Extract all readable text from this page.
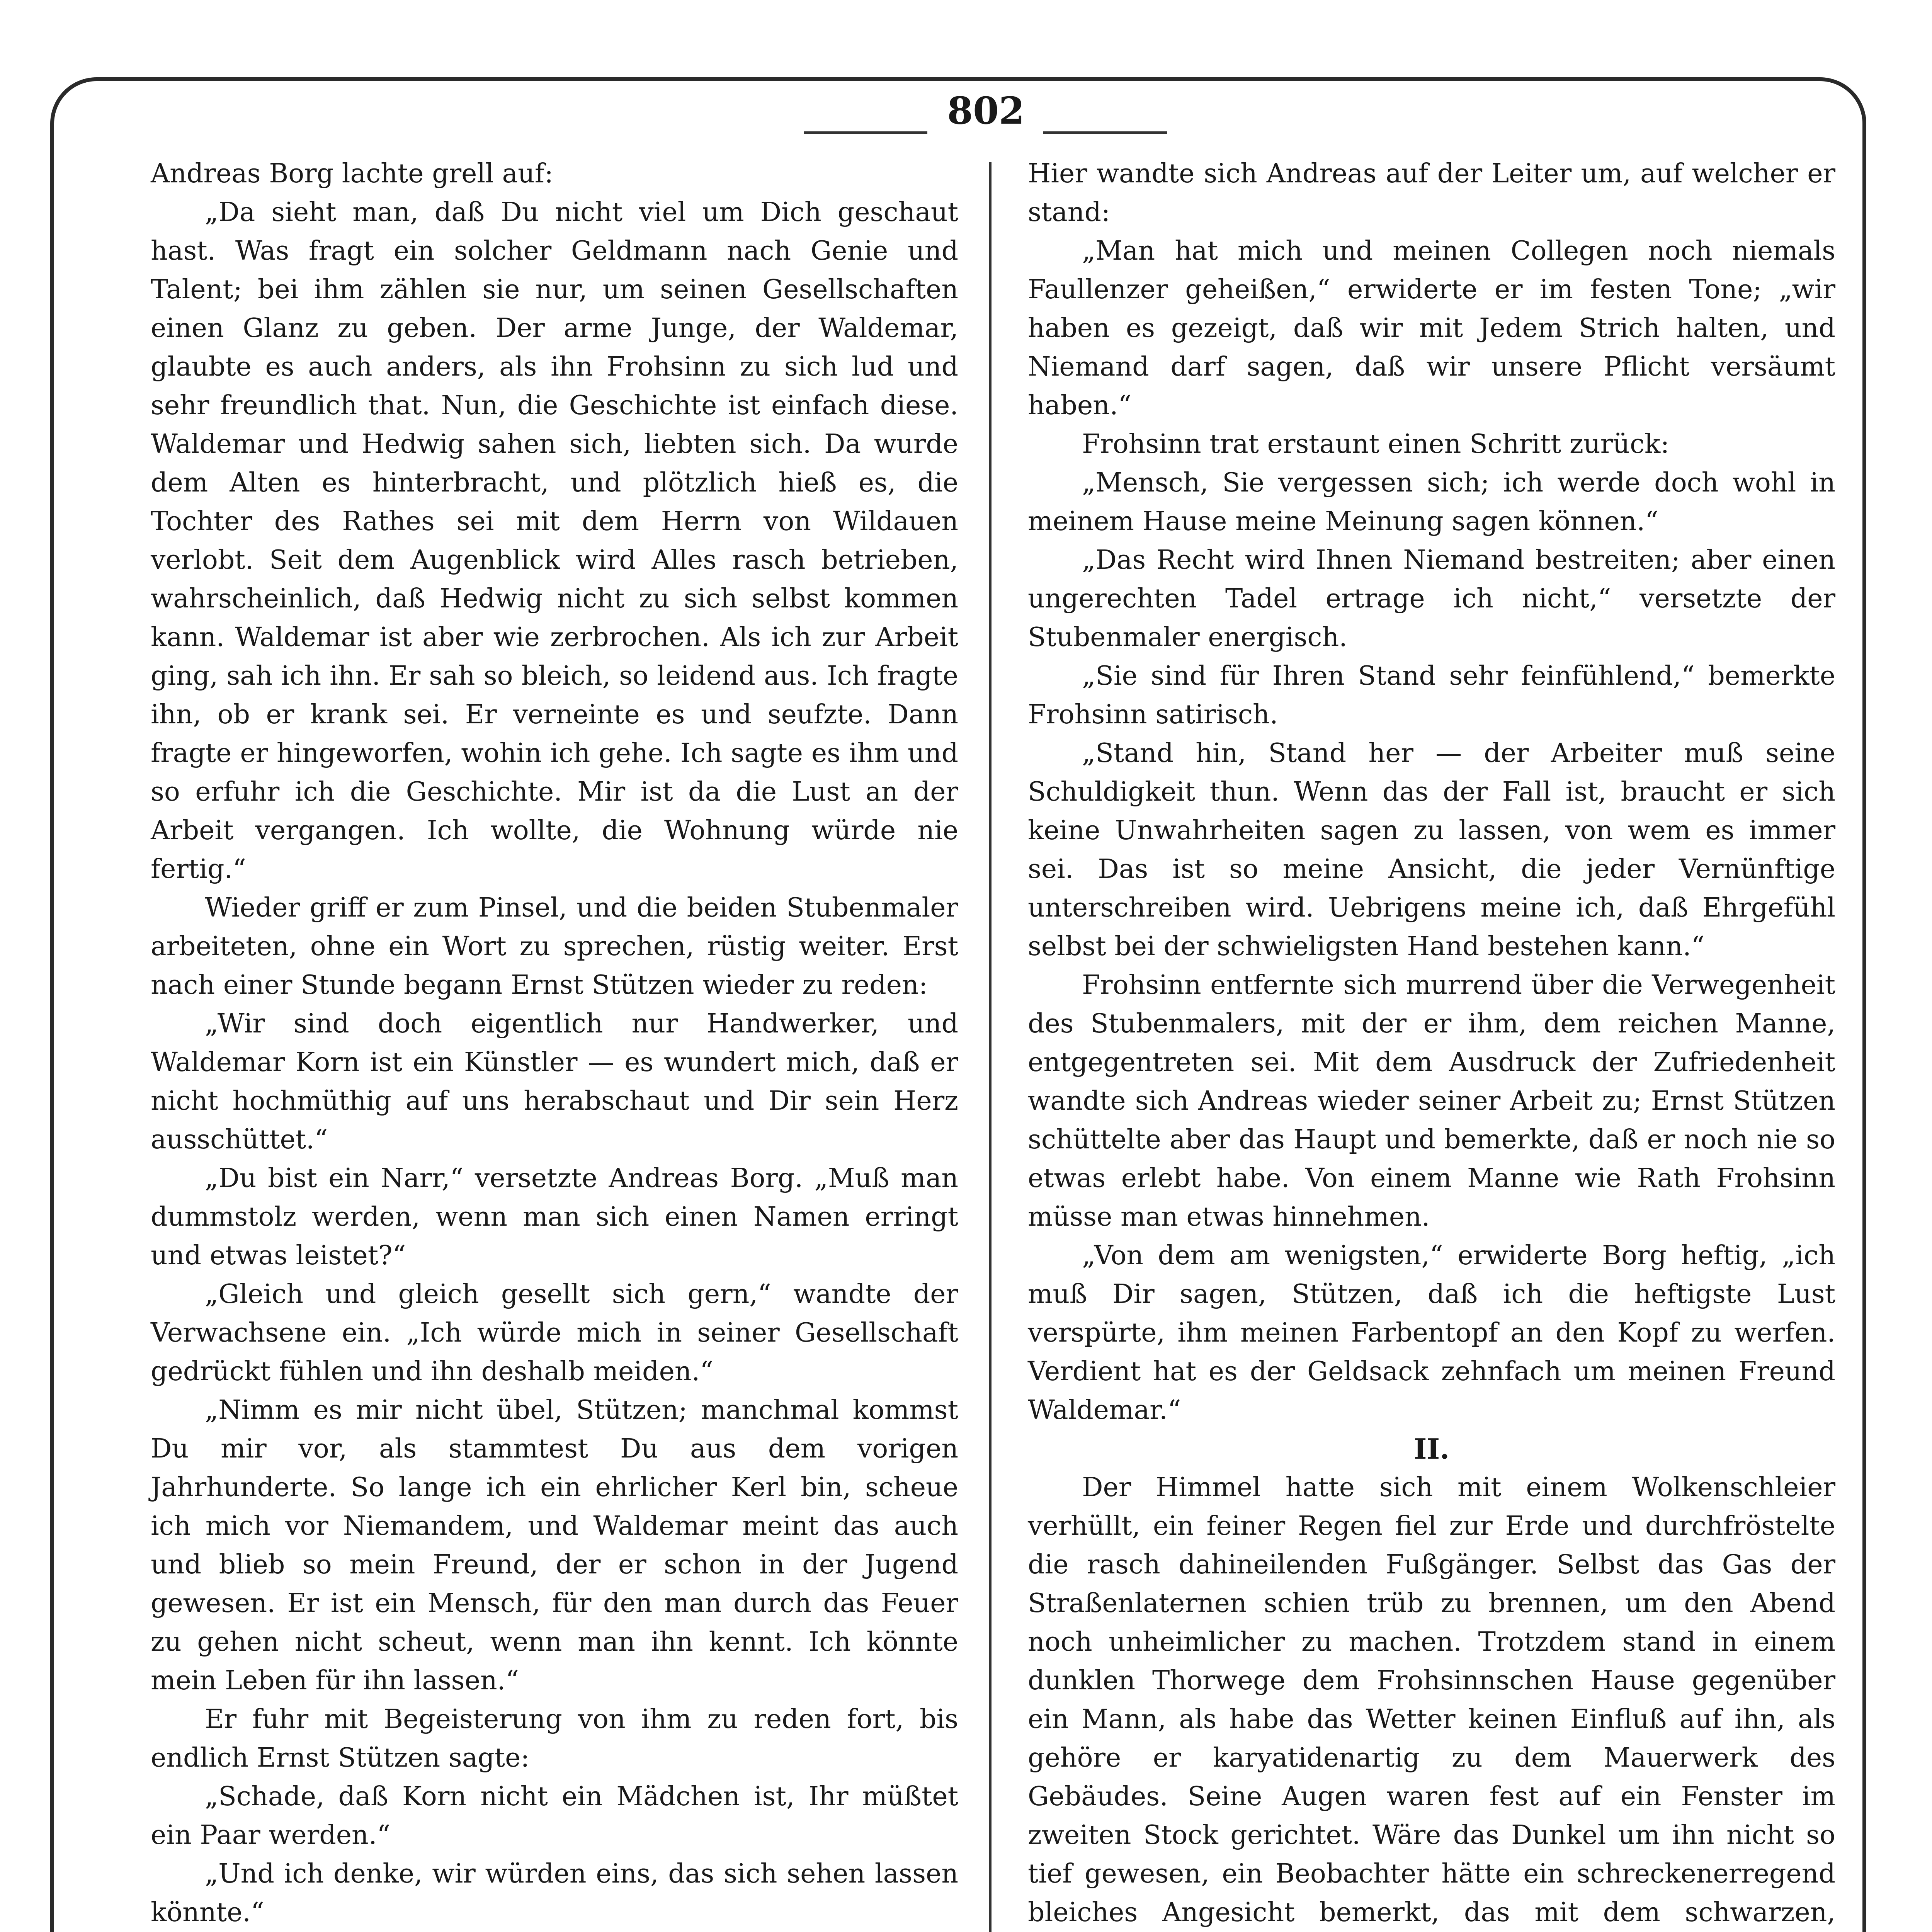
802

Andreas Borg lachte grell auf:

„Da sieht man, daß Du nicht viel um Dich geschaut hast. Was fragt ein solcher Geldmann nach Genie und Talent; bei ihm zählen sie nur, um seinen Gesellschaften einen Glanz zu geben. Der arme Junge, der Waldemar, glaubte es auch anders, als ihn Frohsinn zu sich lud und sehr freundlich that. Nun, die Geschichte ist einfach diese. Waldemar und Hedwig sahen sich, liebten sich. Da wurde dem Alten es hinterbracht, und plötzlich hieß es, die Tochter des Rathes sei mit dem Herrn von Wildauen verlobt. Seit dem Augenblick wird Alles rasch betrieben, wahrscheinlich, daß Hedwig nicht zu sich selbst kommen kann. Waldemar ist aber wie zerbrochen. Als ich zur Arbeit ging, sah ich ihn. Er sah so bleich, so leidend aus. Ich fragte ihn, ob er krank sei. Er verneinte es und seufzte. Dann fragte er hingeworfen, wohin ich gehe. Ich sagte es ihm und so erfuhr ich die Geschichte. Mir ist da die Lust an der Arbeit vergangen. Ich wollte, die Wohnung würde nie fertig.“

Wieder griff er zum Pinsel, und die beiden Stubenmaler arbeiteten, ohne ein Wort zu sprechen, rüstig weiter. Erst nach einer Stunde begann Ernst Stützen wieder zu reden:

„Wir sind doch eigentlich nur Handwerker, und Waldemar Korn ist ein Künstler — es wundert mich, daß er nicht hochmüthig auf uns herabschaut und Dir sein Herz ausschüttet.“

„Du bist ein Narr,“ versetzte Andreas Borg. „Muß man dummstolz werden, wenn man sich einen Namen erringt und etwas leistet?“

„Gleich und gleich gesellt sich gern,“ wandte der Verwachsene ein. „Ich würde mich in seiner Gesellschaft gedrückt fühlen und ihn deshalb meiden.“

„Nimm es mir nicht übel, Stützen; manchmal kommst Du mir vor, als stammtest Du aus dem vorigen Jahrhunderte. So lange ich ein ehrlicher Kerl bin, scheue ich mich vor Niemandem, und Waldemar meint das auch und blieb so mein Freund, der er schon in der Jugend gewesen. Er ist ein Mensch, für den man durch das Feuer zu gehen nicht scheut, wenn man ihn kennt. Ich könnte mein Leben für ihn lassen.“

Er fuhr mit Begeisterung von ihm zu reden fort, bis endlich Ernst Stützen sagte:

„Schade, daß Korn nicht ein Mädchen ist, Ihr müßtet ein Paar werden.“

„Und ich denke, wir würden eins, das sich sehen lassen könnte.“

Hier wandte sich Andreas auf der Leiter um, auf welcher er stand:

„Man hat mich und meinen Collegen noch niemals Faullenzer geheißen,“ erwiderte er im festen Tone; „wir haben es gezeigt, daß wir mit Jedem Strich halten, und Niemand darf sagen, daß wir unsere Pflicht versäumt haben.“

Frohsinn trat erstaunt einen Schritt zurück:

„Mensch, Sie vergessen sich; ich werde doch wohl in meinem Hause meine Meinung sagen können.“

„Das Recht wird Ihnen Niemand bestreiten; aber einen ungerechten Tadel ertrage ich nicht,“ versetzte der Stubenmaler energisch.

„Sie sind für Ihren Stand sehr feinfühlend,“ bemerkte Frohsinn satirisch.

„Stand hin, Stand her — der Arbeiter muß seine Schuldigkeit thun. Wenn das der Fall ist, braucht er sich keine Unwahrheiten sagen zu lassen, von wem es immer sei. Das ist so meine Ansicht, die jeder Vernünftige unterschreiben wird. Uebrigens meine ich, daß Ehrgefühl selbst bei der schwieligsten Hand bestehen kann.“

Frohsinn entfernte sich murrend über die Verwegenheit des Stubenmalers, mit der er ihm, dem reichen Manne, entgegentreten sei. Mit dem Ausdruck der Zufriedenheit wandte sich Andreas wieder seiner Arbeit zu; Ernst Stützen schüttelte aber das Haupt und bemerkte, daß er noch nie so etwas erlebt habe. Von einem Manne wie Rath Frohsinn müsse man etwas hinnehmen.

„Von dem am wenigsten,“ erwiderte Borg heftig, „ich muß Dir sagen, Stützen, daß ich die heftigste Lust verspürte, ihm meinen Farbentopf an den Kopf zu werfen. Verdient hat es der Geldsack zehnfach um meinen Freund Waldemar.“

II.

Der Himmel hatte sich mit einem Wolkenschleier verhüllt, ein feiner Regen fiel zur Erde und durchfröstelte die rasch dahineilenden Fußgänger. Selbst das Gas der Straßenlaternen schien trüb zu brennen, um den Abend noch unheimlicher zu machen. Trotzdem stand in einem dunklen Thorwege dem Frohsinnschen Hause gegenüber ein Mann, als habe das Wetter keinen Einfluß auf ihn, als gehöre er karyatidenartig zu dem Mauerwerk des Gebäudes. Seine Augen waren fest auf ein Fenster im zweiten Stock gerichtet. Wäre das Dunkel um ihn nicht so tief gewesen, ein Beobachter hätte ein schreckenerregend bleiches Angesicht bemerkt, das mit dem schwarzen,
